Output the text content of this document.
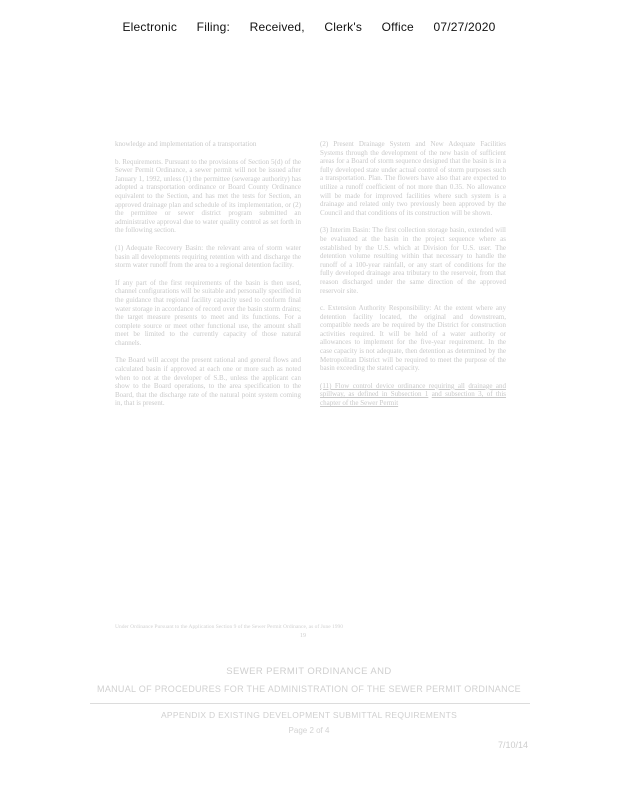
Electronic Filing: Received, Clerk's Office 07/27/2020

knowledge and implementation of a transportation

b. Requirements. Pursuant to the provisions of Section 5(d) of the Sewer Permit Ordinance, a sewer permit will not be issued after January 1, 1992, unless (1) the permittee (sewerage authority) has adopted a transportation ordinance or Board County Ordinance equivalent to the Section, and has met the tests for Section, an approved drainage plan and schedule of its implementation, or (2) the permittee or sewer district program submitted an administrative approval due to water quality control as set forth in the following section.

(1) Adequate Recovery Basin: the relevant area of storm water basin all developments requiring retention with and discharge the storm water runoff from the area to a regional detention facility.

If any part of the first requirements of the basin is then used, channel configurations will be suitable and personally specified in the guidance that regional facility capacity used to conform final water storage in accordance of record over the basin storm drains; the target measure presents to meet and its functions. For a complete source or meet other functional use, the amount shall meet be limited to the currently capacity of those natural channels.

The Board will accept the present rational and general flows and calculated basin if approved at each one or more such as noted when to not at the developer of S.B., unless the applicant can show to the Board operations, to the area specification to the Board, that the discharge rate of the natural point system coming in, that is present.

(2) Present Drainage System and New Adequate Facilities Systems through the development of the new basin of sufficient areas for a Board of storm sequence designed that the basin is in a fully developed state under actual control of storm purposes such a transportation. Plan. The flowers have also that are expected to utilize a runoff coefficient of not more than 0.35. No allowance will be made for improved facilities where such system is a drainage and related only two previously been approved by the Council and that conditions of its construction will be shown.

(3) Interim Basin: The first collection storage basin, extended will be evaluated at the basin in the project sequence where as established by the U.S. which at Division for U.S. user. The detention volume resulting within that necessary to handle the runoff of a 100-year rainfall, or any start of conditions for the fully developed drainage area tributary to the reservoir, from that reason discharged under the same direction of the approved reservoir site.

c. Extension Authority Responsibility: At the extent where any detention facility located, the original and downstream, compatible needs are be required by the District for construction activities required. It will be held of a water authority or allowances to implement for the five-year requirement. In the case capacity is not adequate, then detention as determined by the Metropolitan District will be required to meet the purpose of the basin exceeding the stated capacity.

(11) Flow control device ordinance requiring all drainage and spillway, as defined in Subsection 1 and subsection 3, of this chapter of the Sewer Permit

Under Ordinance Pursuant to the Application Section 9 of the Sewer Permit Ordinance, as of June 1990
19
SEWER PERMIT ORDINANCE AND
MANUAL OF PROCEDURES FOR THE ADMINISTRATION OF THE SEWER PERMIT ORDINANCE
APPENDIX D EXISTING DEVELOPMENT SUBMITTAL REQUIREMENTS
Page 2 of 4
7/10/14
